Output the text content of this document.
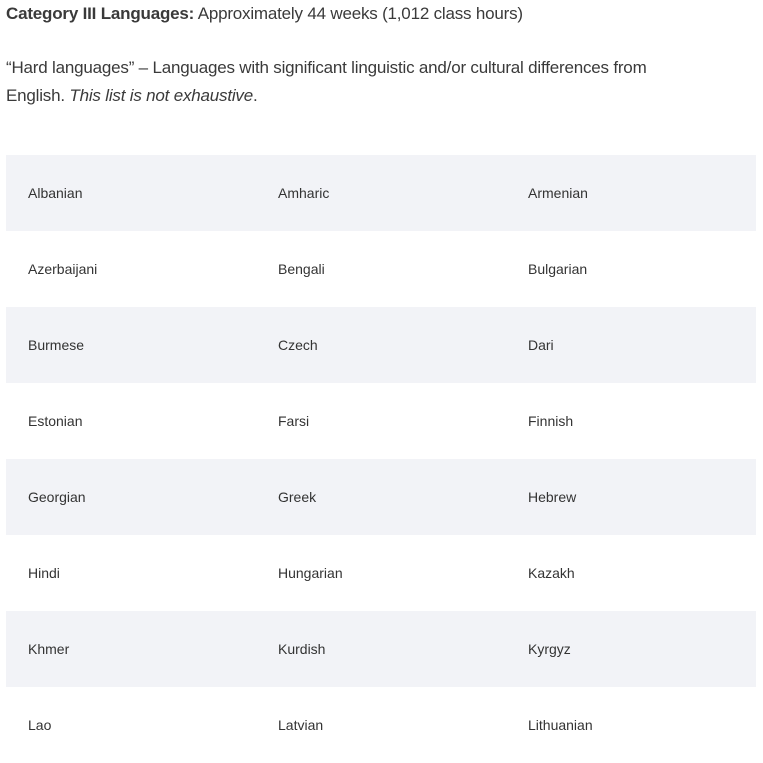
Category III Languages: Approximately 44 weeks (1,012 class hours)
“Hard languages” – Languages with significant linguistic and/or cultural differences from English. This list is not exhaustive.
Albanian	Amharic	Armenian
Azerbaijani	Bengali	Bulgarian
Burmese	Czech	Dari
Estonian	Farsi	Finnish
Georgian	Greek	Hebrew
Hindi	Hungarian	Kazakh
Khmer	Kurdish	Kyrgyz
Lao	Latvian	Lithuanian
